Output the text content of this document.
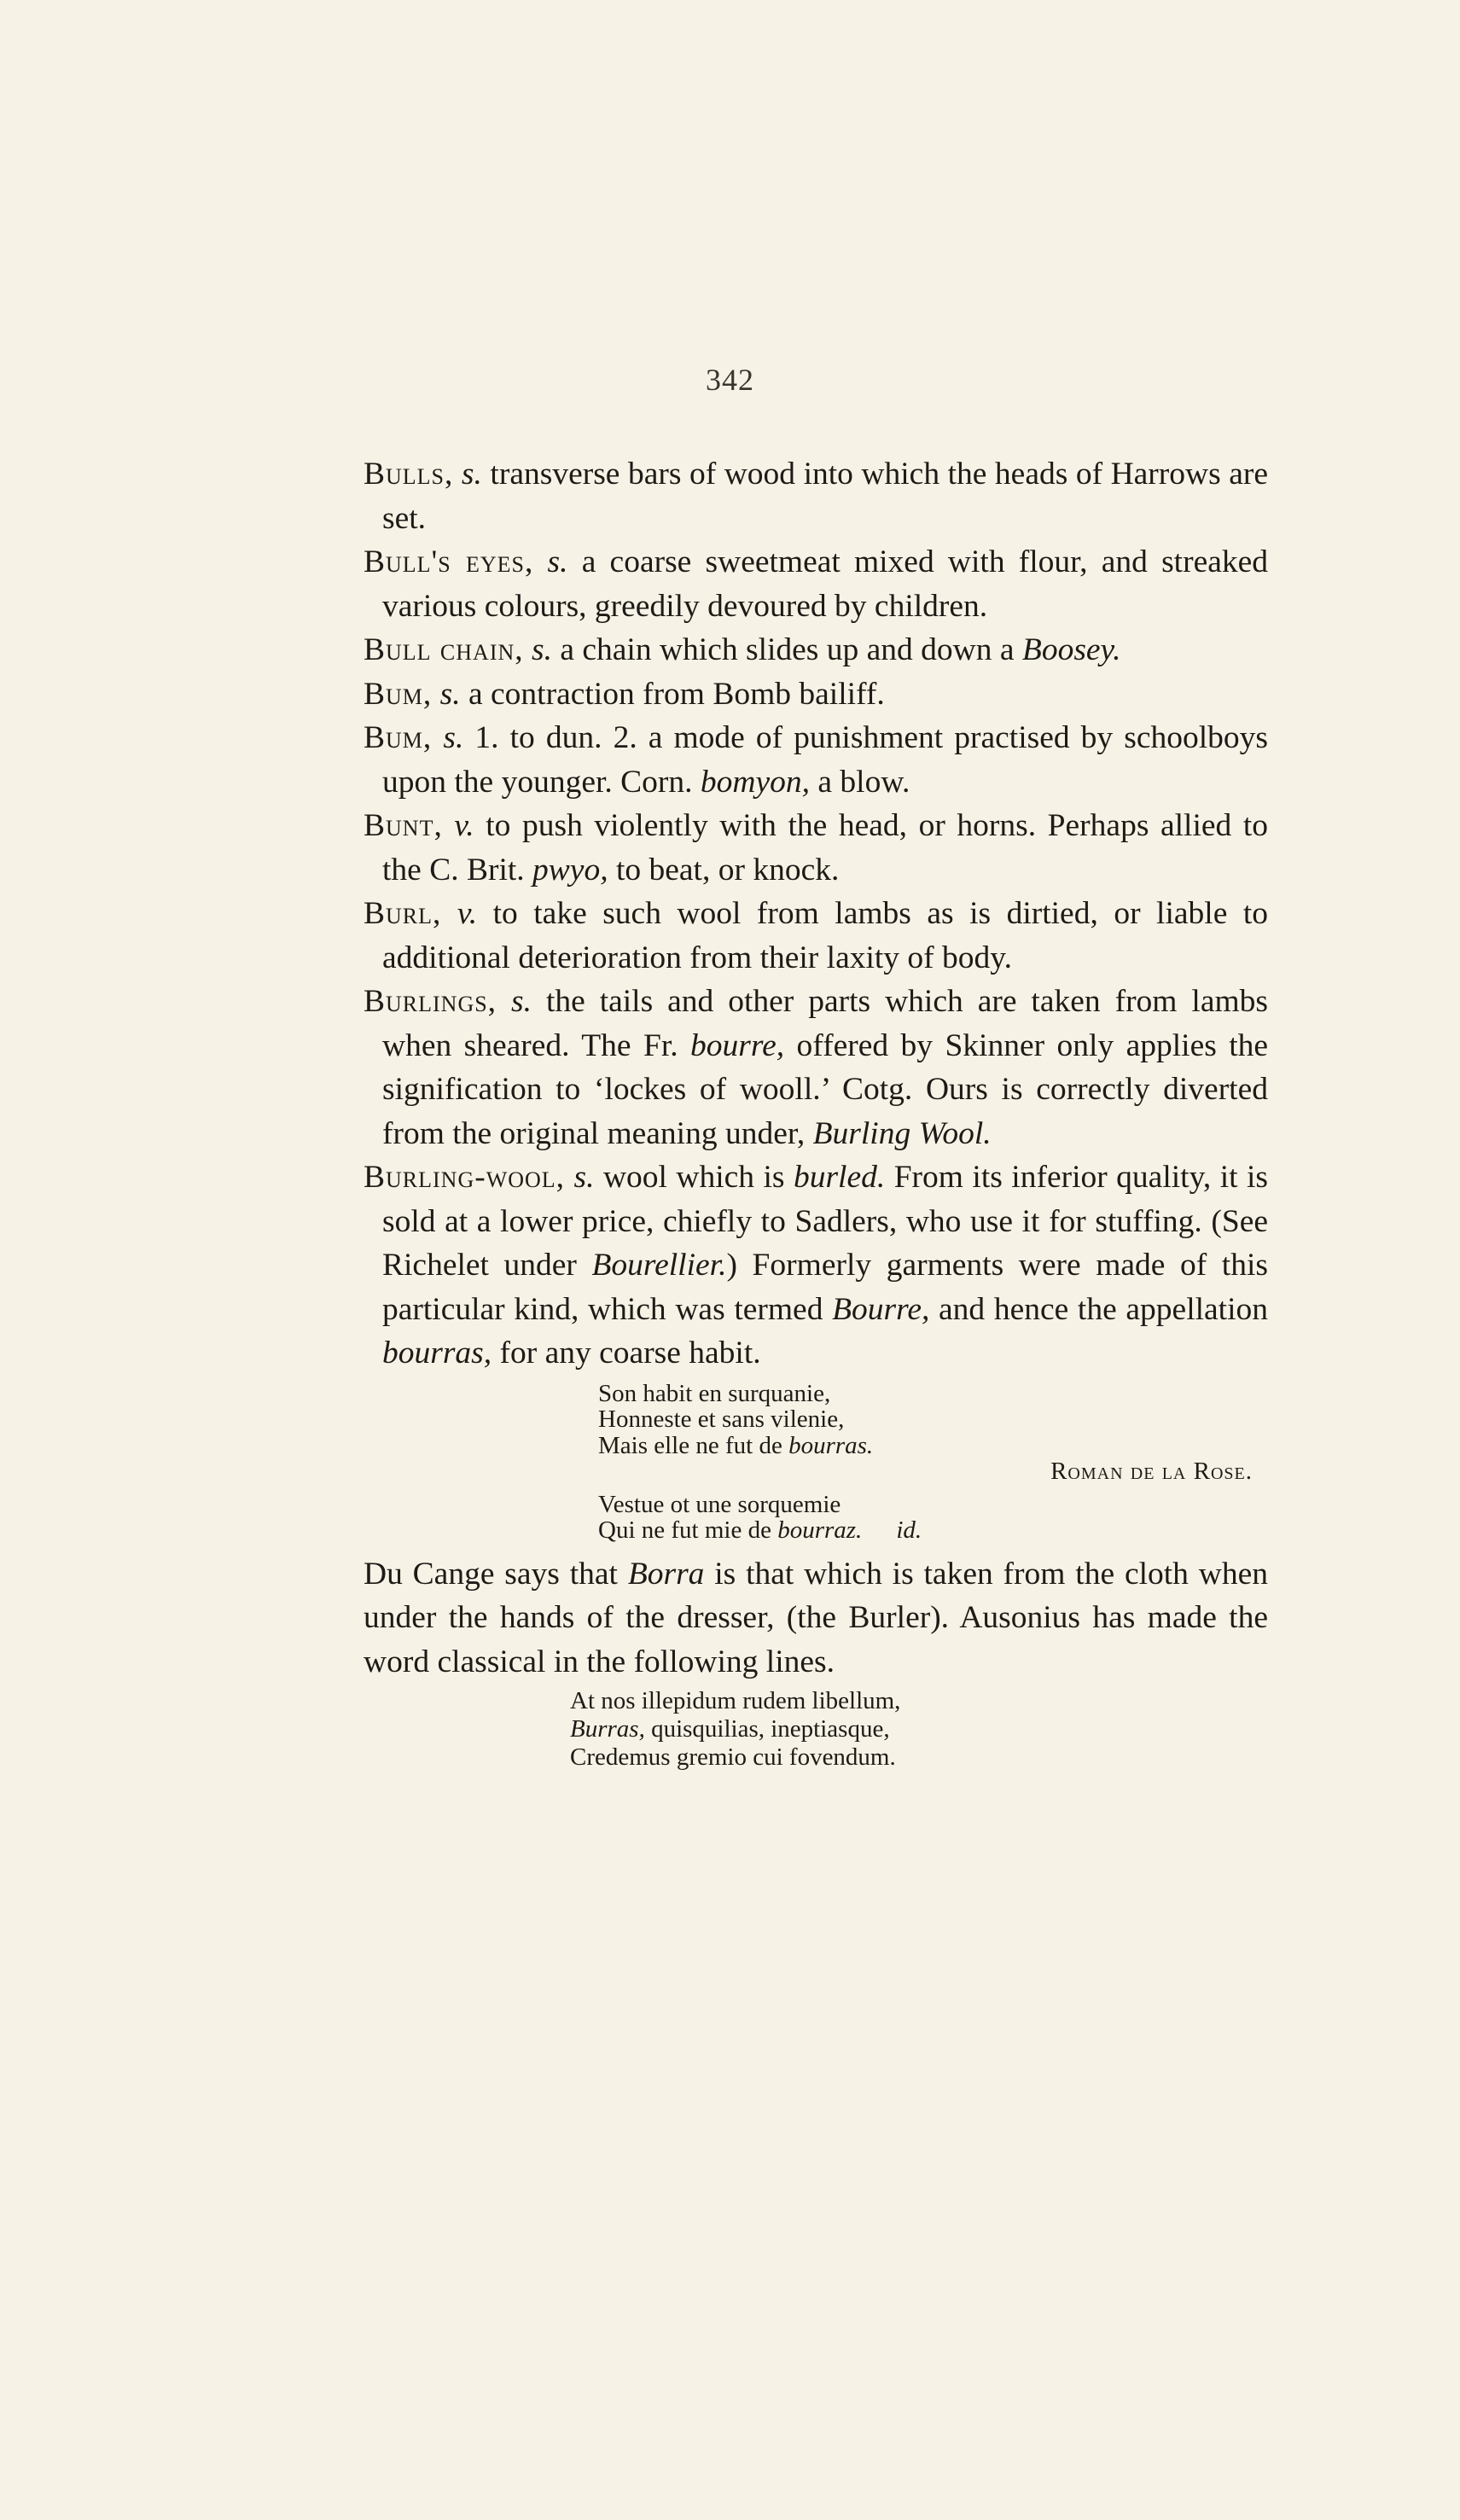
342

Bulls, s. transverse bars of wood into which the heads of Harrows are set.

Bull's eyes, s. a coarse sweetmeat mixed with flour, and streaked various colours, greedily devoured by children.

Bull chain, s. a chain which slides up and down a Boosey.

Bum, s. a contraction from Bomb bailiff.

Bum, s. 1. to dun. 2. a mode of punishment practised by schoolboys upon the younger. Corn. bomyon, a blow.

Bunt, v. to push violently with the head, or horns. Perhaps allied to the C. Brit. pwyo, to beat, or knock.

Burl, v. to take such wool from lambs as is dirtied, or liable to additional deterioration from their laxity of body.

Burlings, s. the tails and other parts which are taken from lambs when sheared. The Fr. bourre, offered by Skinner only applies the signification to ‘lockes of wooll.’ Cotg. Ours is correctly diverted from the original meaning under, Burling Wool.

Burling-wool, s. wool which is burled. From its inferior quality, it is sold at a lower price, chiefly to Sadlers, who use it for stuffing. (See Richelet under Bourellier.) Formerly garments were made of this particular kind, which was termed Bourre, and hence the appellation bourras, for any coarse habit.

Son habit en surquanie,
Honneste et sans vilenie,
Mais elle ne fut de bourras.
Roman de la Rose.
Vestue ot une sorquemie
Qui ne fut mie de bourraz. id.

Du Cange says that Borra is that which is taken from the cloth when under the hands of the dresser, (the Burler). Ausonius has made the word classical in the following lines.

At nos illepidum rudem libellum,
Burras, quisquilias, ineptiasque,
Credemus gremio cui fovendum.
